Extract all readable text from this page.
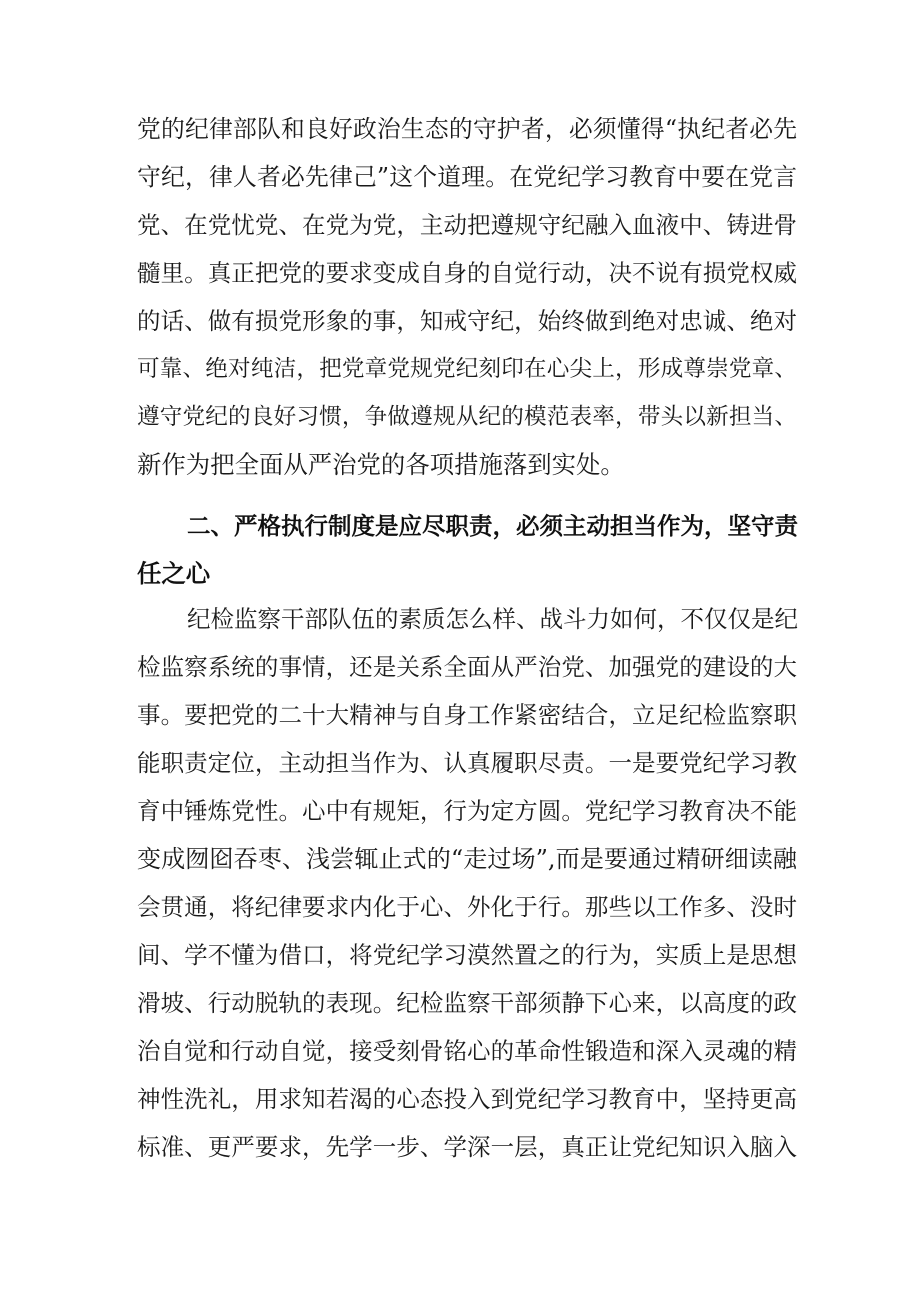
党的纪律部队和良好政治生态的守护者，必须懂得“执纪者必先
守纪，律人者必先律己”这个道理。在党纪学习教育中要在党言
党、在党忧党、在党为党，主动把遵规守纪融入血液中、铸进骨
髓里。真正把党的要求变成自身的自觉行动，决不说有损党权威
的话、做有损党形象的事，知戒守纪，始终做到绝对忠诚、绝对
可靠、绝对纯洁，把党章党规党纪刻印在心尖上，形成尊崇党章、
遵守党纪的良好习惯，争做遵规从纪的模范表率，带头以新担当、
新作为把全面从严治党的各项措施落到实处。
二、严格执行制度是应尽职责，必须主动担当作为，坚守责
任之心
纪检监察干部队伍的素质怎么样、战斗力如何，不仅仅是纪
检监察系统的事情，还是关系全面从严治党、加强党的建设的大
事。要把党的二十大精神与自身工作紧密结合，立足纪检监察职
能职责定位，主动担当作为、认真履职尽责。一是要党纪学习教
育中锤炼党性。心中有规矩，行为定方圆。党纪学习教育决不能
变成囫囵吞枣、浅尝辄止式的“走过场”,而是要通过精研细读融
会贯通，将纪律要求内化于心、外化于行。那些以工作多、没时
间、学不懂为借口，将党纪学习漠然置之的行为，实质上是思想
滑坡、行动脱轨的表现。纪检监察干部须静下心来，以高度的政
治自觉和行动自觉，接受刻骨铭心的革命性锻造和深入灵魂的精
神性洗礼，用求知若渴的心态投入到党纪学习教育中，坚持更高
标准、更严要求，先学一步、学深一层，真正让党纪知识入脑入
